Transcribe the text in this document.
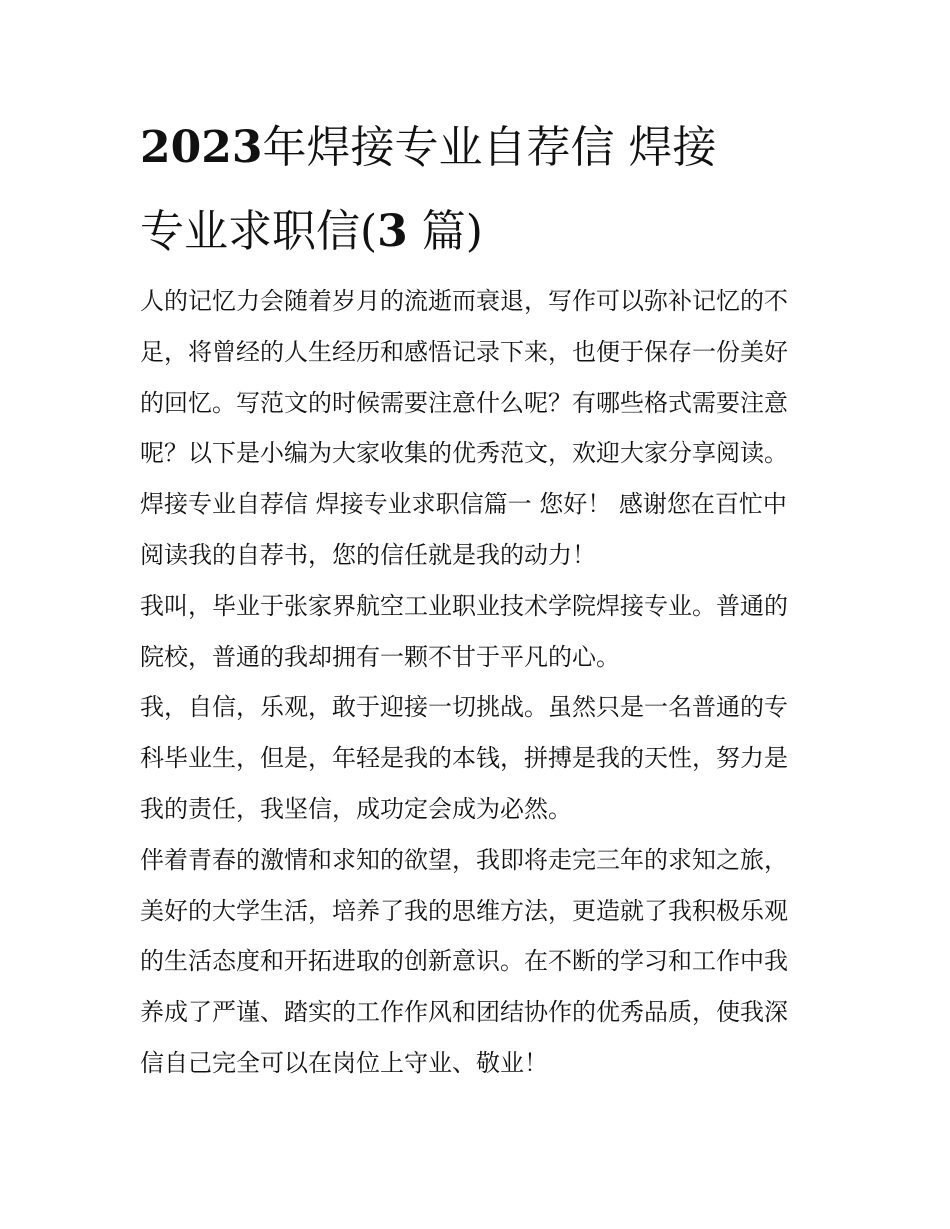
2023年焊接专业自荐信 焊接
专业求职信(3 篇)
人的记忆力会随着岁月的流逝而衰退，写作可以弥补记忆的不
足，将曾经的人生经历和感悟记录下来，也便于保存一份美好
的回忆。写范文的时候需要注意什么呢？有哪些格式需要注意
呢？以下是小编为大家收集的优秀范文，欢迎大家分享阅读。
焊接专业自荐信 焊接专业求职信篇一 您好！ 感谢您在百忙中
阅读我的自荐书，您的信任就是我的动力！
我叫，毕业于张家界航空工业职业技术学院焊接专业。普通的
院校，普通的我却拥有一颗不甘于平凡的心。
我，自信，乐观，敢于迎接一切挑战。虽然只是一名普通的专
科毕业生，但是，年轻是我的本钱，拼搏是我的天性，努力是
我的责任，我坚信，成功定会成为必然。
伴着青春的激情和求知的欲望，我即将走完三年的求知之旅，
美好的大学生活，培养了我的思维方法，更造就了我积极乐观
的生活态度和开拓进取的创新意识。在不断的学习和工作中我
养成了严谨、踏实的工作作风和团结协作的优秀品质，使我深
信自己完全可以在岗位上守业、敬业！
